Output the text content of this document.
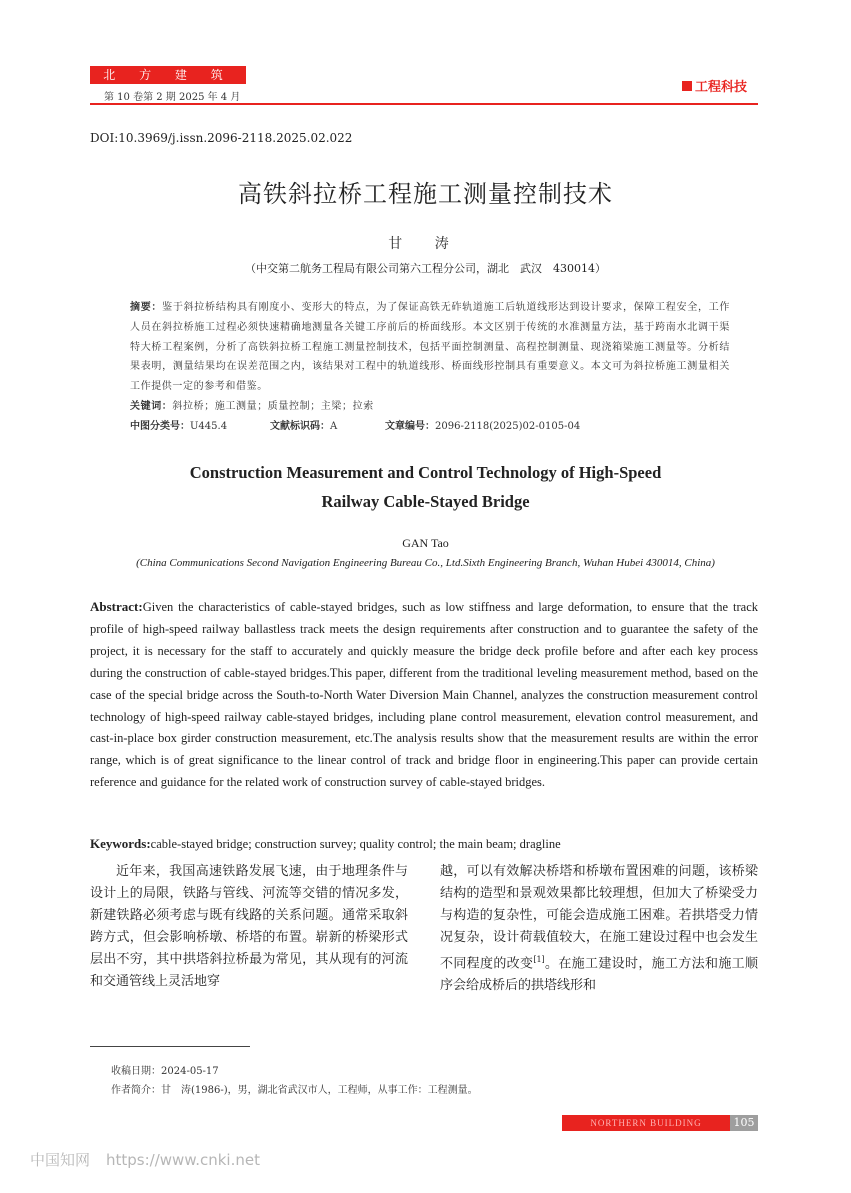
北 方 建 筑
第 10 卷第 2 期 2025 年 4 月
工程科技
DOI:10.3969/j.issn.2096-2118.2025.02.022
高铁斜拉桥工程施工测量控制技术
甘 涛
（中交第二航务工程局有限公司第六工程分公司，湖北　武汉　430014）
摘要：鉴于斜拉桥结构具有刚度小、变形大的特点，为了保证高铁无砟轨道施工后轨道线形达到设计要求，保障工程安全，工作人员在斜拉桥施工过程必须快速精确地测量各关键工序前后的桥面线形。本文区别于传统的水准测量方法，基于跨南水北调干渠特大桥工程案例，分析了高铁斜拉桥工程施工测量控制技术，包括平面控制测量、高程控制测量、现浇箱梁施工测量等。分析结果表明，测量结果均在误差范围之内，该结果对工程中的轨道线形、桥面线形控制具有重要意义。本文可为斜拉桥施工测量相关工作提供一定的参考和借鉴。
关键词：斜拉桥；施工测量；质量控制；主梁；拉索
中图分类号：U445.4	文献标识码：A	文章编号：2096-2118(2025)02-0105-04
Construction Measurement and Control Technology of High-Speed
Railway Cable-Stayed Bridge
GAN Tao
(China Communications Second Navigation Engineering Bureau Co., Ltd.Sixth Engineering Branch, Wuhan Hubei 430014, China)
Abstract:Given the characteristics of cable-stayed bridges, such as low stiffness and large deformation, to ensure that the track profile of high-speed railway ballastless track meets the design requirements after construction and to guarantee the safety of the project, it is necessary for the staff to accurately and quickly measure the bridge deck profile before and after each key process during the construction of cable-stayed bridges.This paper, different from the traditional leveling measurement method, based on the case of the special bridge across the South-to-North Water Diversion Main Channel, analyzes the construction measurement control technology of high-speed railway cable-stayed bridges, including plane control measurement, elevation control measurement, and cast-in-place box girder construction measurement, etc.The analysis results show that the measurement results are within the error range, which is of great significance to the linear control of track and bridge floor in engineering.This paper can provide certain reference and guidance for the related work of construction survey of cable-stayed bridges.
Keywords:cable-stayed bridge; construction survey; quality control; the main beam; dragline
近年来，我国高速铁路发展飞速，由于地理条件与设计上的局限，铁路与管线、河流等交错的情况多发，新建铁路必须考虑与既有线路的关系问题。通常采取斜跨方式，但会影响桥墩、桥塔的布置。崭新的桥梁形式层出不穷，其中拱塔斜拉桥最为常见，其从现有的河流和交通管线上灵活地穿
越，可以有效解决桥塔和桥墩布置困难的问题，该桥梁结构的造型和景观效果都比较理想，但加大了桥梁受力与构造的复杂性，可能会造成施工困难。若拱塔受力情况复杂，设计荷载值较大，在施工建设过程中也会发生不同程度的改变[1]。在施工建设时，施工方法和施工顺序会给成桥后的拱塔线形和
收稿日期：2024-05-17
作者简介：甘　涛(1986-)，男，湖北省武汉市人，工程师，从事工作：工程测量。
NORTHERN BUILDING	105
中国知网 https://www.cnki.net
